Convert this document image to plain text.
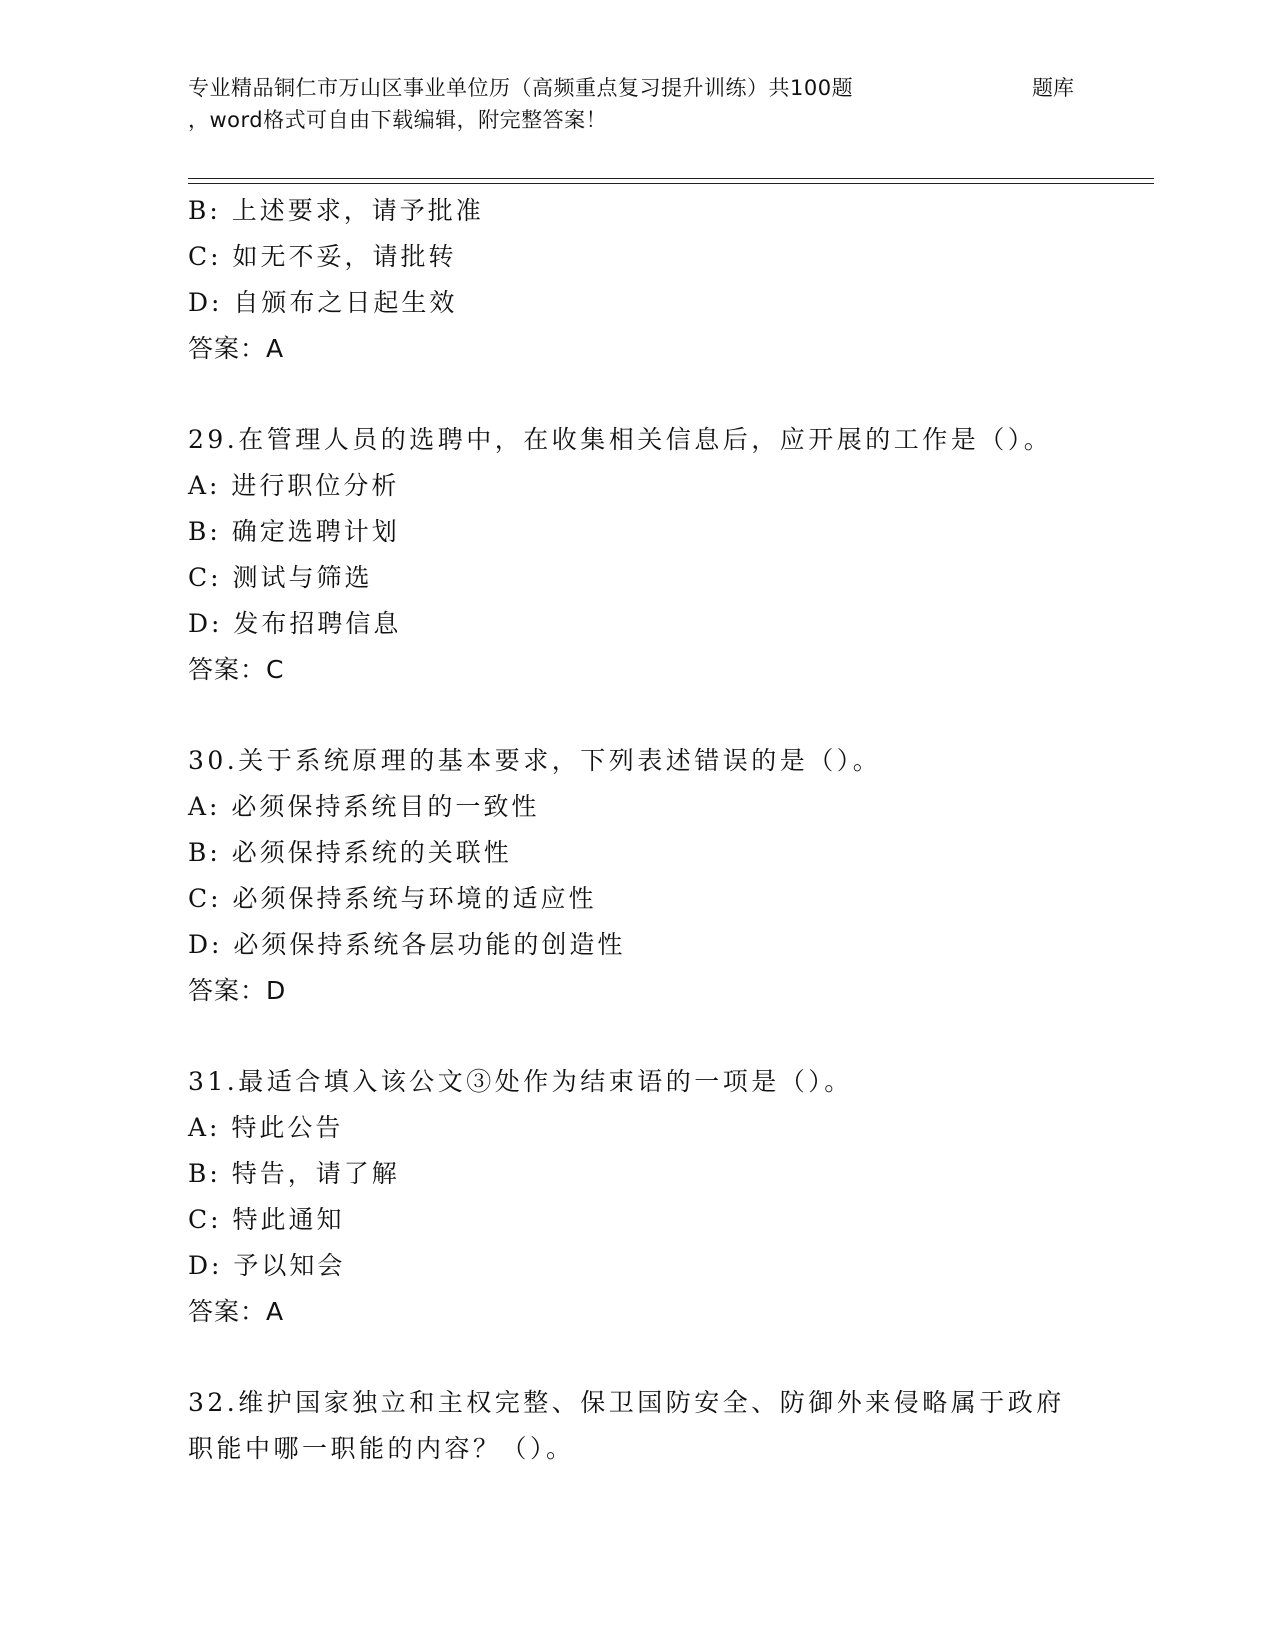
专业精品铜仁市万山区事业单位历（高频重点复习提升训练）共100题	题库
，word格式可自由下载编辑，附完整答案！
B: 上述要求，请予批准
C: 如无不妥，请批转
D: 自颁布之日起生效
答案：A
29.在管理人员的选聘中，在收集相关信息后，应开展的工作是（）。
A: 进行职位分析
B: 确定选聘计划
C: 测试与筛选
D: 发布招聘信息
答案：C
30.关于系统原理的基本要求，下列表述错误的是（）。
A: 必须保持系统目的一致性
B: 必须保持系统的关联性
C: 必须保持系统与环境的适应性
D: 必须保持系统各层功能的创造性
答案：D
31.最适合填入该公文③处作为结束语的一项是（）。
A: 特此公告
B: 特告，请了解
C: 特此通知
D: 予以知会
答案：A
32.维护国家独立和主权完整、保卫国防安全、防御外来侵略属于政府
职能中哪一职能的内容？（）。
